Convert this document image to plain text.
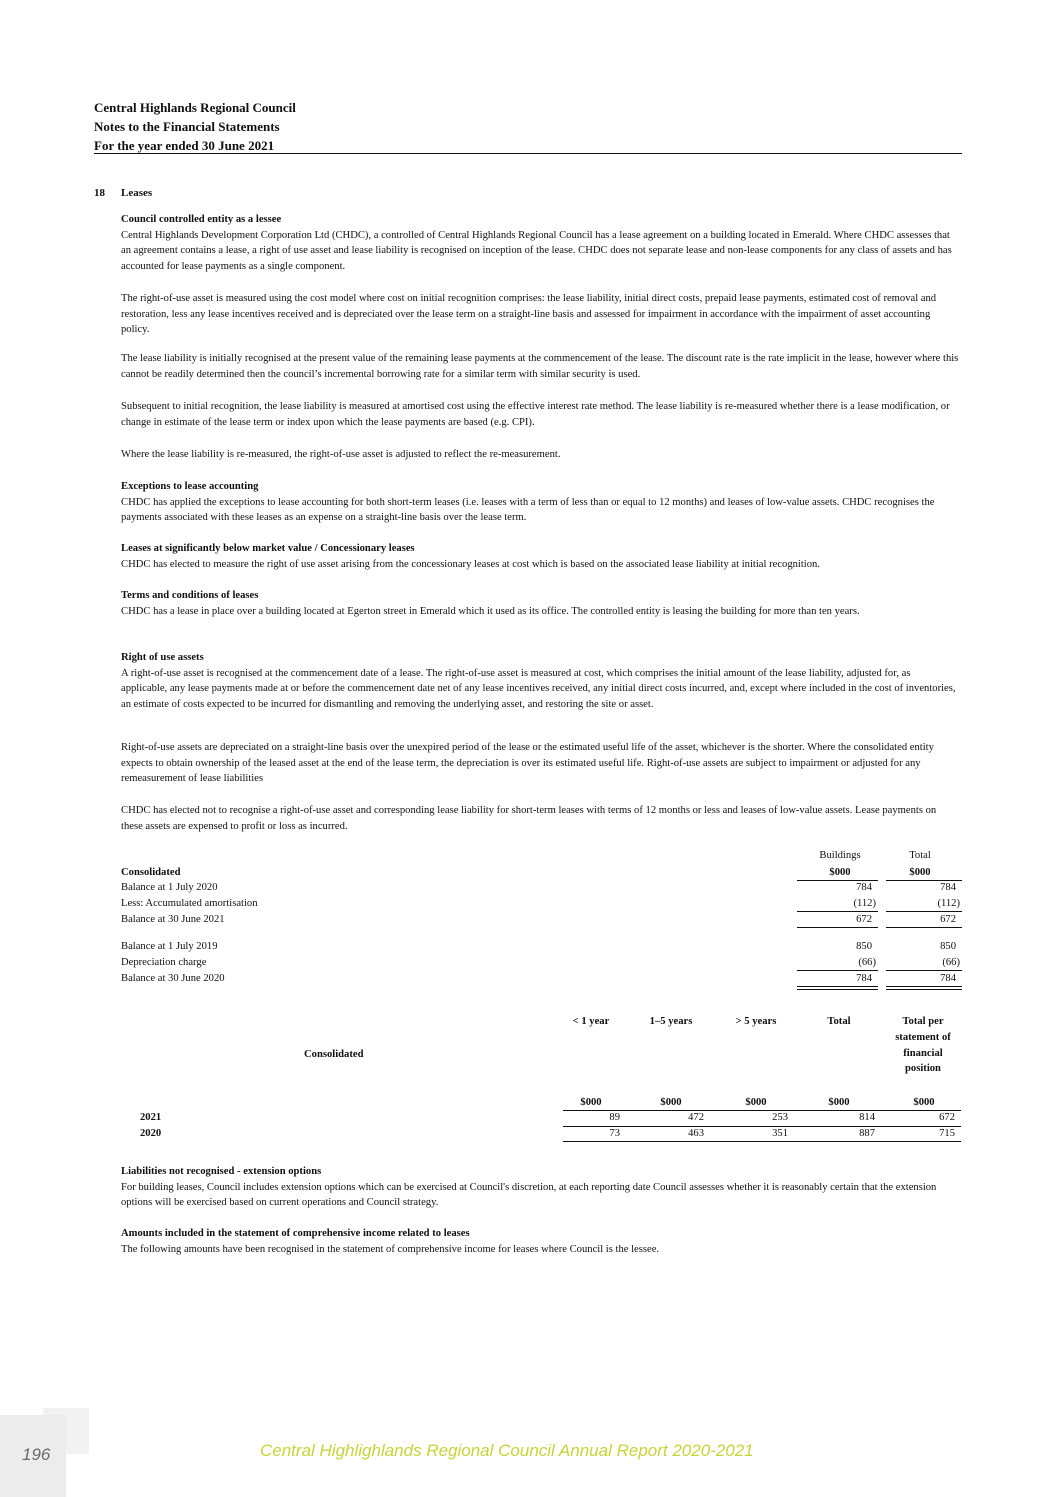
Central Highlands Regional Council
Notes to the Financial Statements
For the year ended 30 June 2021
18 Leases
Council controlled entity as a lessee
Central Highlands Development Corporation Ltd (CHDC), a controlled of Central Highlands Regional Council has a lease agreement on a building located in Emerald. Where CHDC assesses that an agreement contains a lease, a right of use asset and lease liability is recognised on inception of the lease. CHDC does not separate lease and non-lease components for any class of assets and has accounted for lease payments as a single component.
The right-of-use asset is measured using the cost model where cost on initial recognition comprises: the lease liability, initial direct costs, prepaid lease payments, estimated cost of removal and restoration, less any lease incentives received and is depreciated over the lease term on a straight-line basis and assessed for impairment in accordance with the impairment of asset accounting policy.
The lease liability is initially recognised at the present value of the remaining lease payments at the commencement of the lease. The discount rate is the rate implicit in the lease, however where this cannot be readily determined then the council’s incremental borrowing rate for a similar term with similar security is used.
Subsequent to initial recognition, the lease liability is measured at amortised cost using the effective interest rate method. The lease liability is re-measured whether there is a lease modification, or change in estimate of the lease term or index upon which the lease payments are based (e.g. CPI).
Where the lease liability is re-measured, the right-of-use asset is adjusted to reflect the re-measurement.
Exceptions to lease accounting
CHDC has applied the exceptions to lease accounting for both short-term leases (i.e. leases with a term of less than or equal to 12 months) and leases of low-value assets. CHDC recognises the payments associated with these leases as an expense on a straight-line basis over the lease term.
Leases at significantly below market value / Concessionary leases
CHDC has elected to measure the right of use asset arising from the concessionary leases at cost which is based on the associated lease liability at initial recognition.
Terms and conditions of leases
CHDC has a lease in place over a building located at Egerton street in Emerald which it used as its office. The controlled entity is leasing the building for more than ten years.
Right of use assets
A right-of-use asset is recognised at the commencement date of a lease. The right-of-use asset is measured at cost, which comprises the initial amount of the lease liability, adjusted for, as applicable, any lease payments made at or before the commencement date net of any lease incentives received, any initial direct costs incurred, and, except where included in the cost of inventories, an estimate of costs expected to be incurred for dismantling and removing the underlying asset, and restoring the site or asset.
Right-of-use assets are depreciated on a straight-line basis over the unexpired period of the lease or the estimated useful life of the asset, whichever is the shorter. Where the consolidated entity expects to obtain ownership of the leased asset at the end of the lease term, the depreciation is over its estimated useful life. Right-of-use assets are subject to impairment or adjusted for any remeasurement of lease liabilities
CHDC has elected not to recognise a right-of-use asset and corresponding lease liability for short-term leases with terms of 12 months or less and leases of low-value assets. Lease payments on these assets are expensed to profit or loss as incurred.
Buildings	Total
Consolidated	$000	$000
Balance at 1 July 2020	784	784
Less: Accumulated amortisation	(112)	(112)
Balance at 30 June 2021	672	672
Balance at 1 July 2019	850	850
Depreciation charge	(66)	(66)
Balance at 30 June 2020	784	784
< 1 year	1–5 years	> 5 years	Total	Total per
statement of
financial
position
Consolidated
$000	$000	$000	$000	$000
2021	89	472	253	814	672
2020	73	463	351	887	715
Liabilities not recognised - extension options
For building leases, Council includes extension options which can be exercised at Council's discretion, at each reporting date Council assesses whether it is reasonably certain that the extension options will be exercised based on current operations and Council strategy.
Amounts included in the statement of comprehensive income related to leases
The following amounts have been recognised in the statement of comprehensive income for leases where Council is the lessee.
196	Central Highlighlands Regional Council Annual Report 2020-2021
